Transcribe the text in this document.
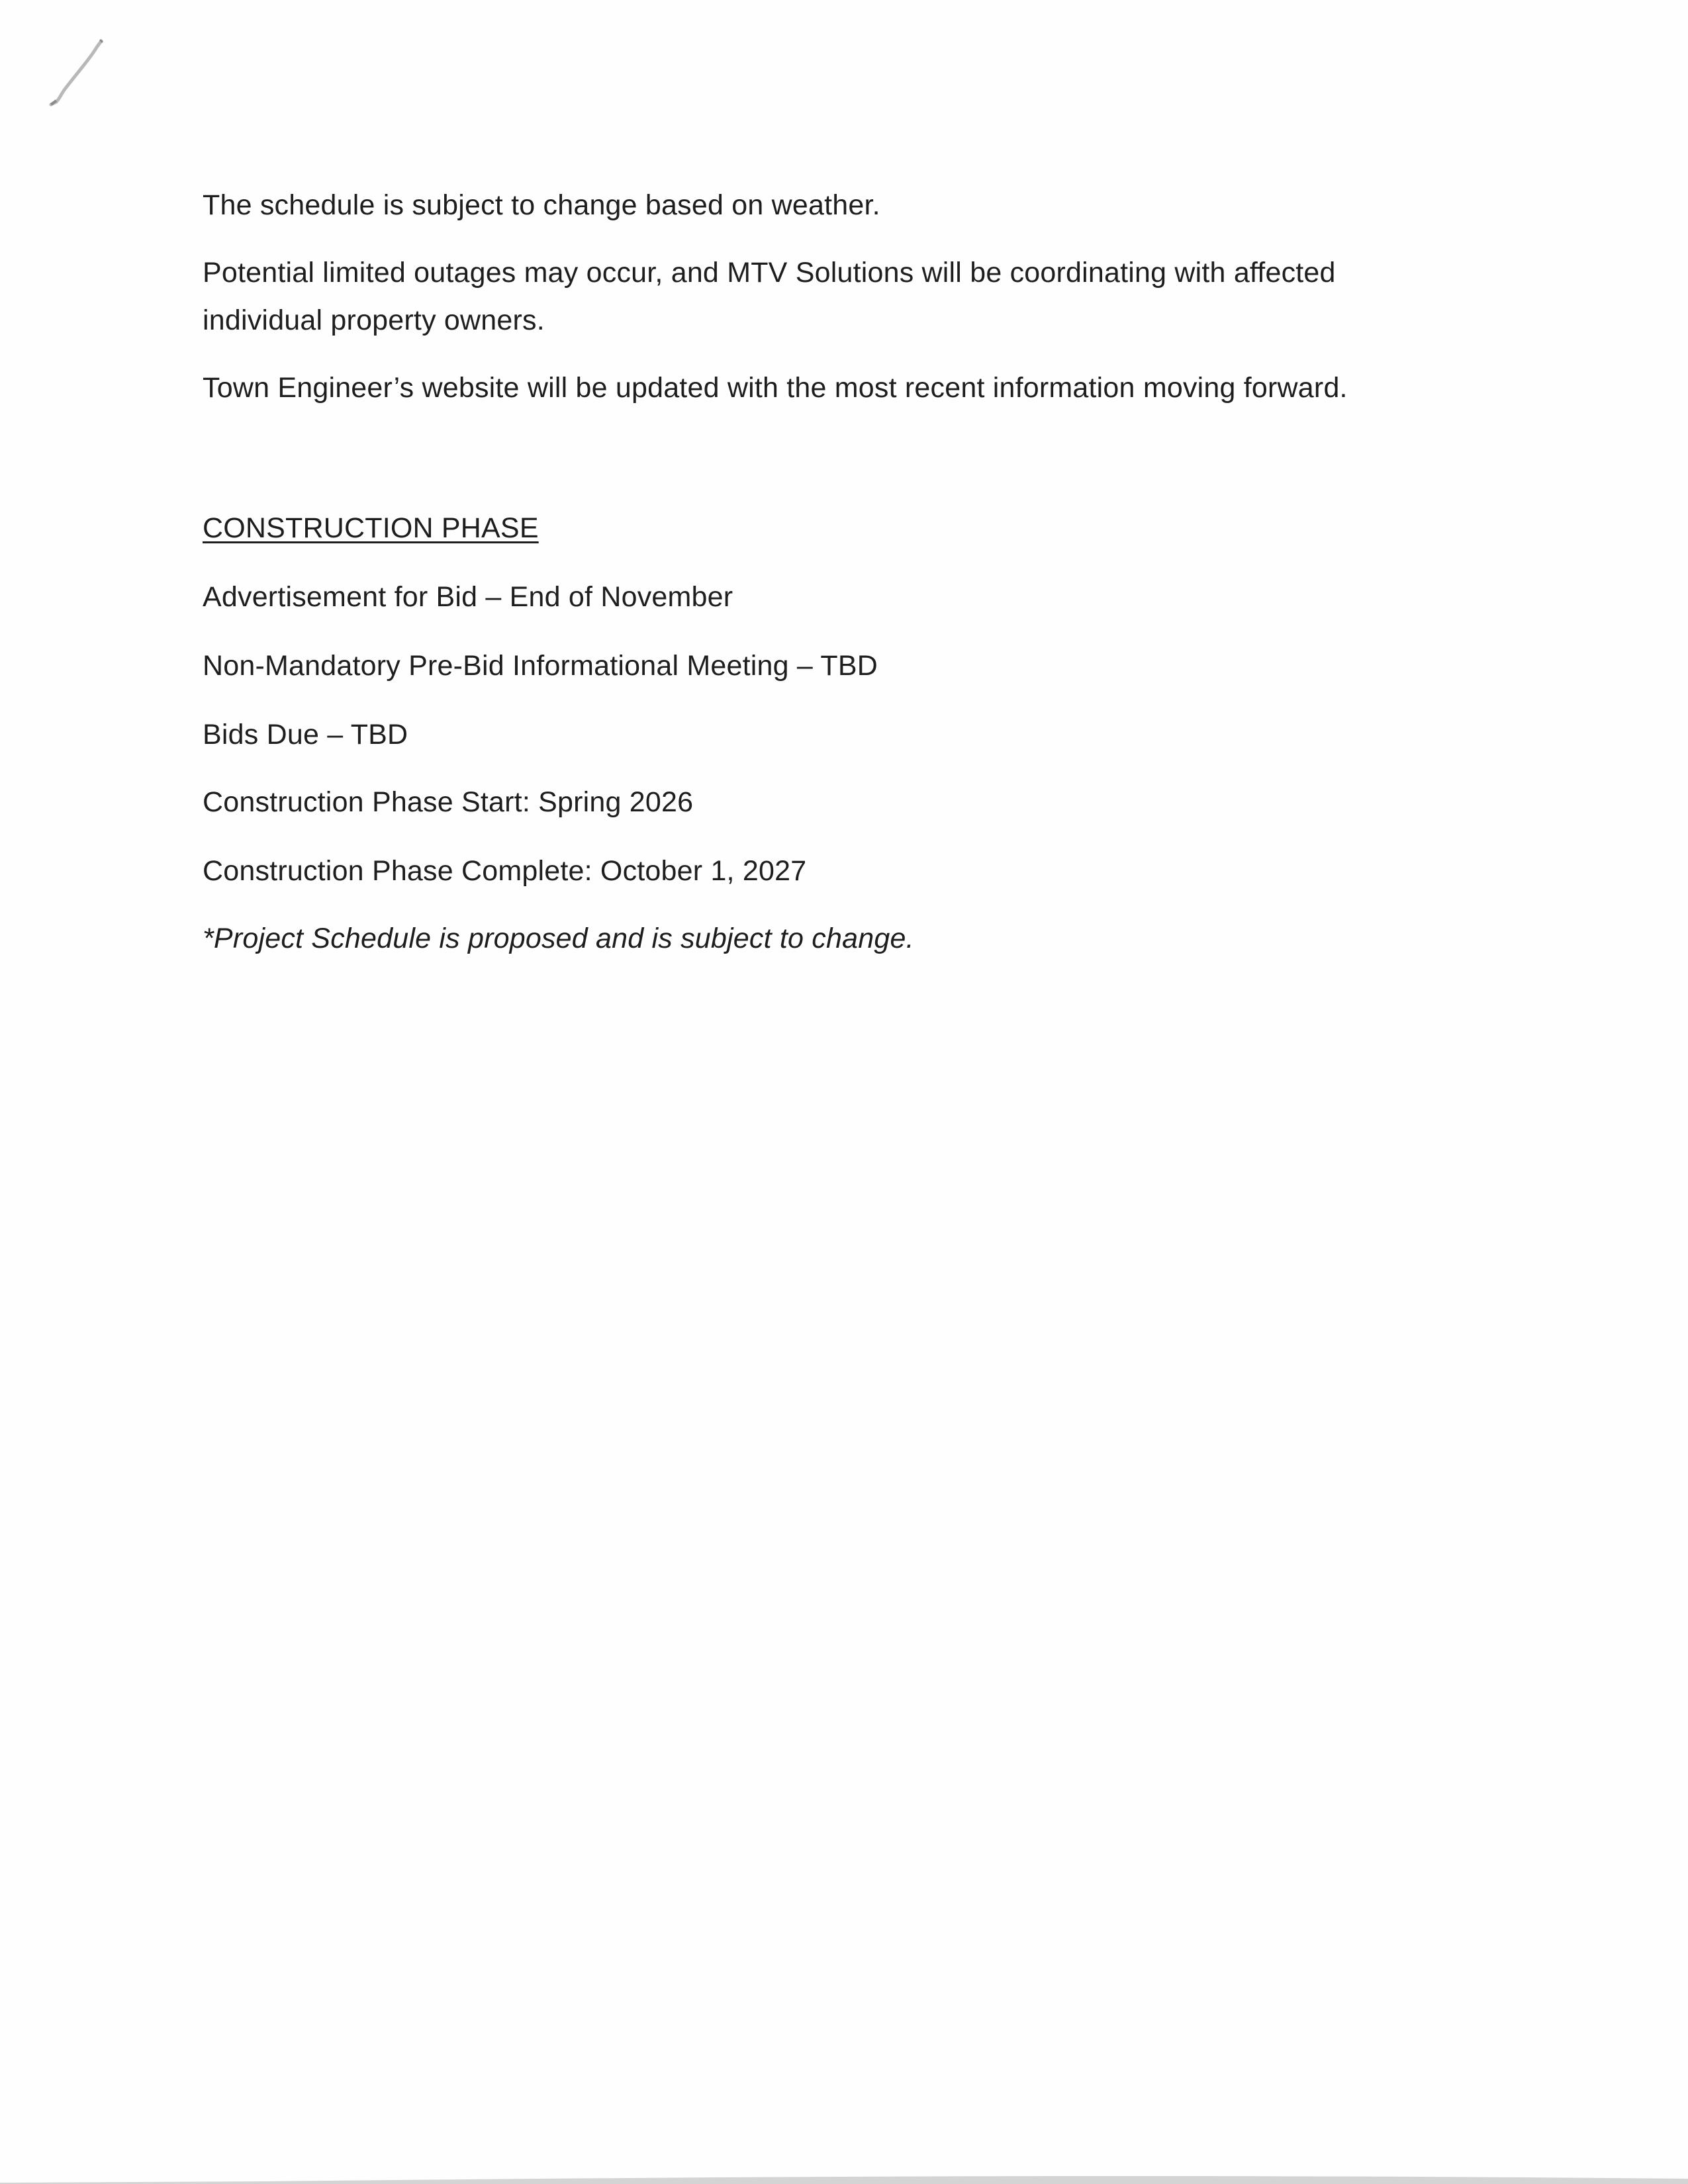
The schedule is subject to change based on weather.
Potential limited outages may occur, and MTV Solutions will be coordinating with affected
individual property owners.
Town Engineer’s website will be updated with the most recent information moving forward.
CONSTRUCTION PHASE
Advertisement for Bid – End of November
Non-Mandatory Pre-Bid Informational Meeting – TBD
Bids Due – TBD
Construction Phase Start: Spring 2026
Construction Phase Complete: October 1, 2027
*Project Schedule is proposed and is subject to change.
